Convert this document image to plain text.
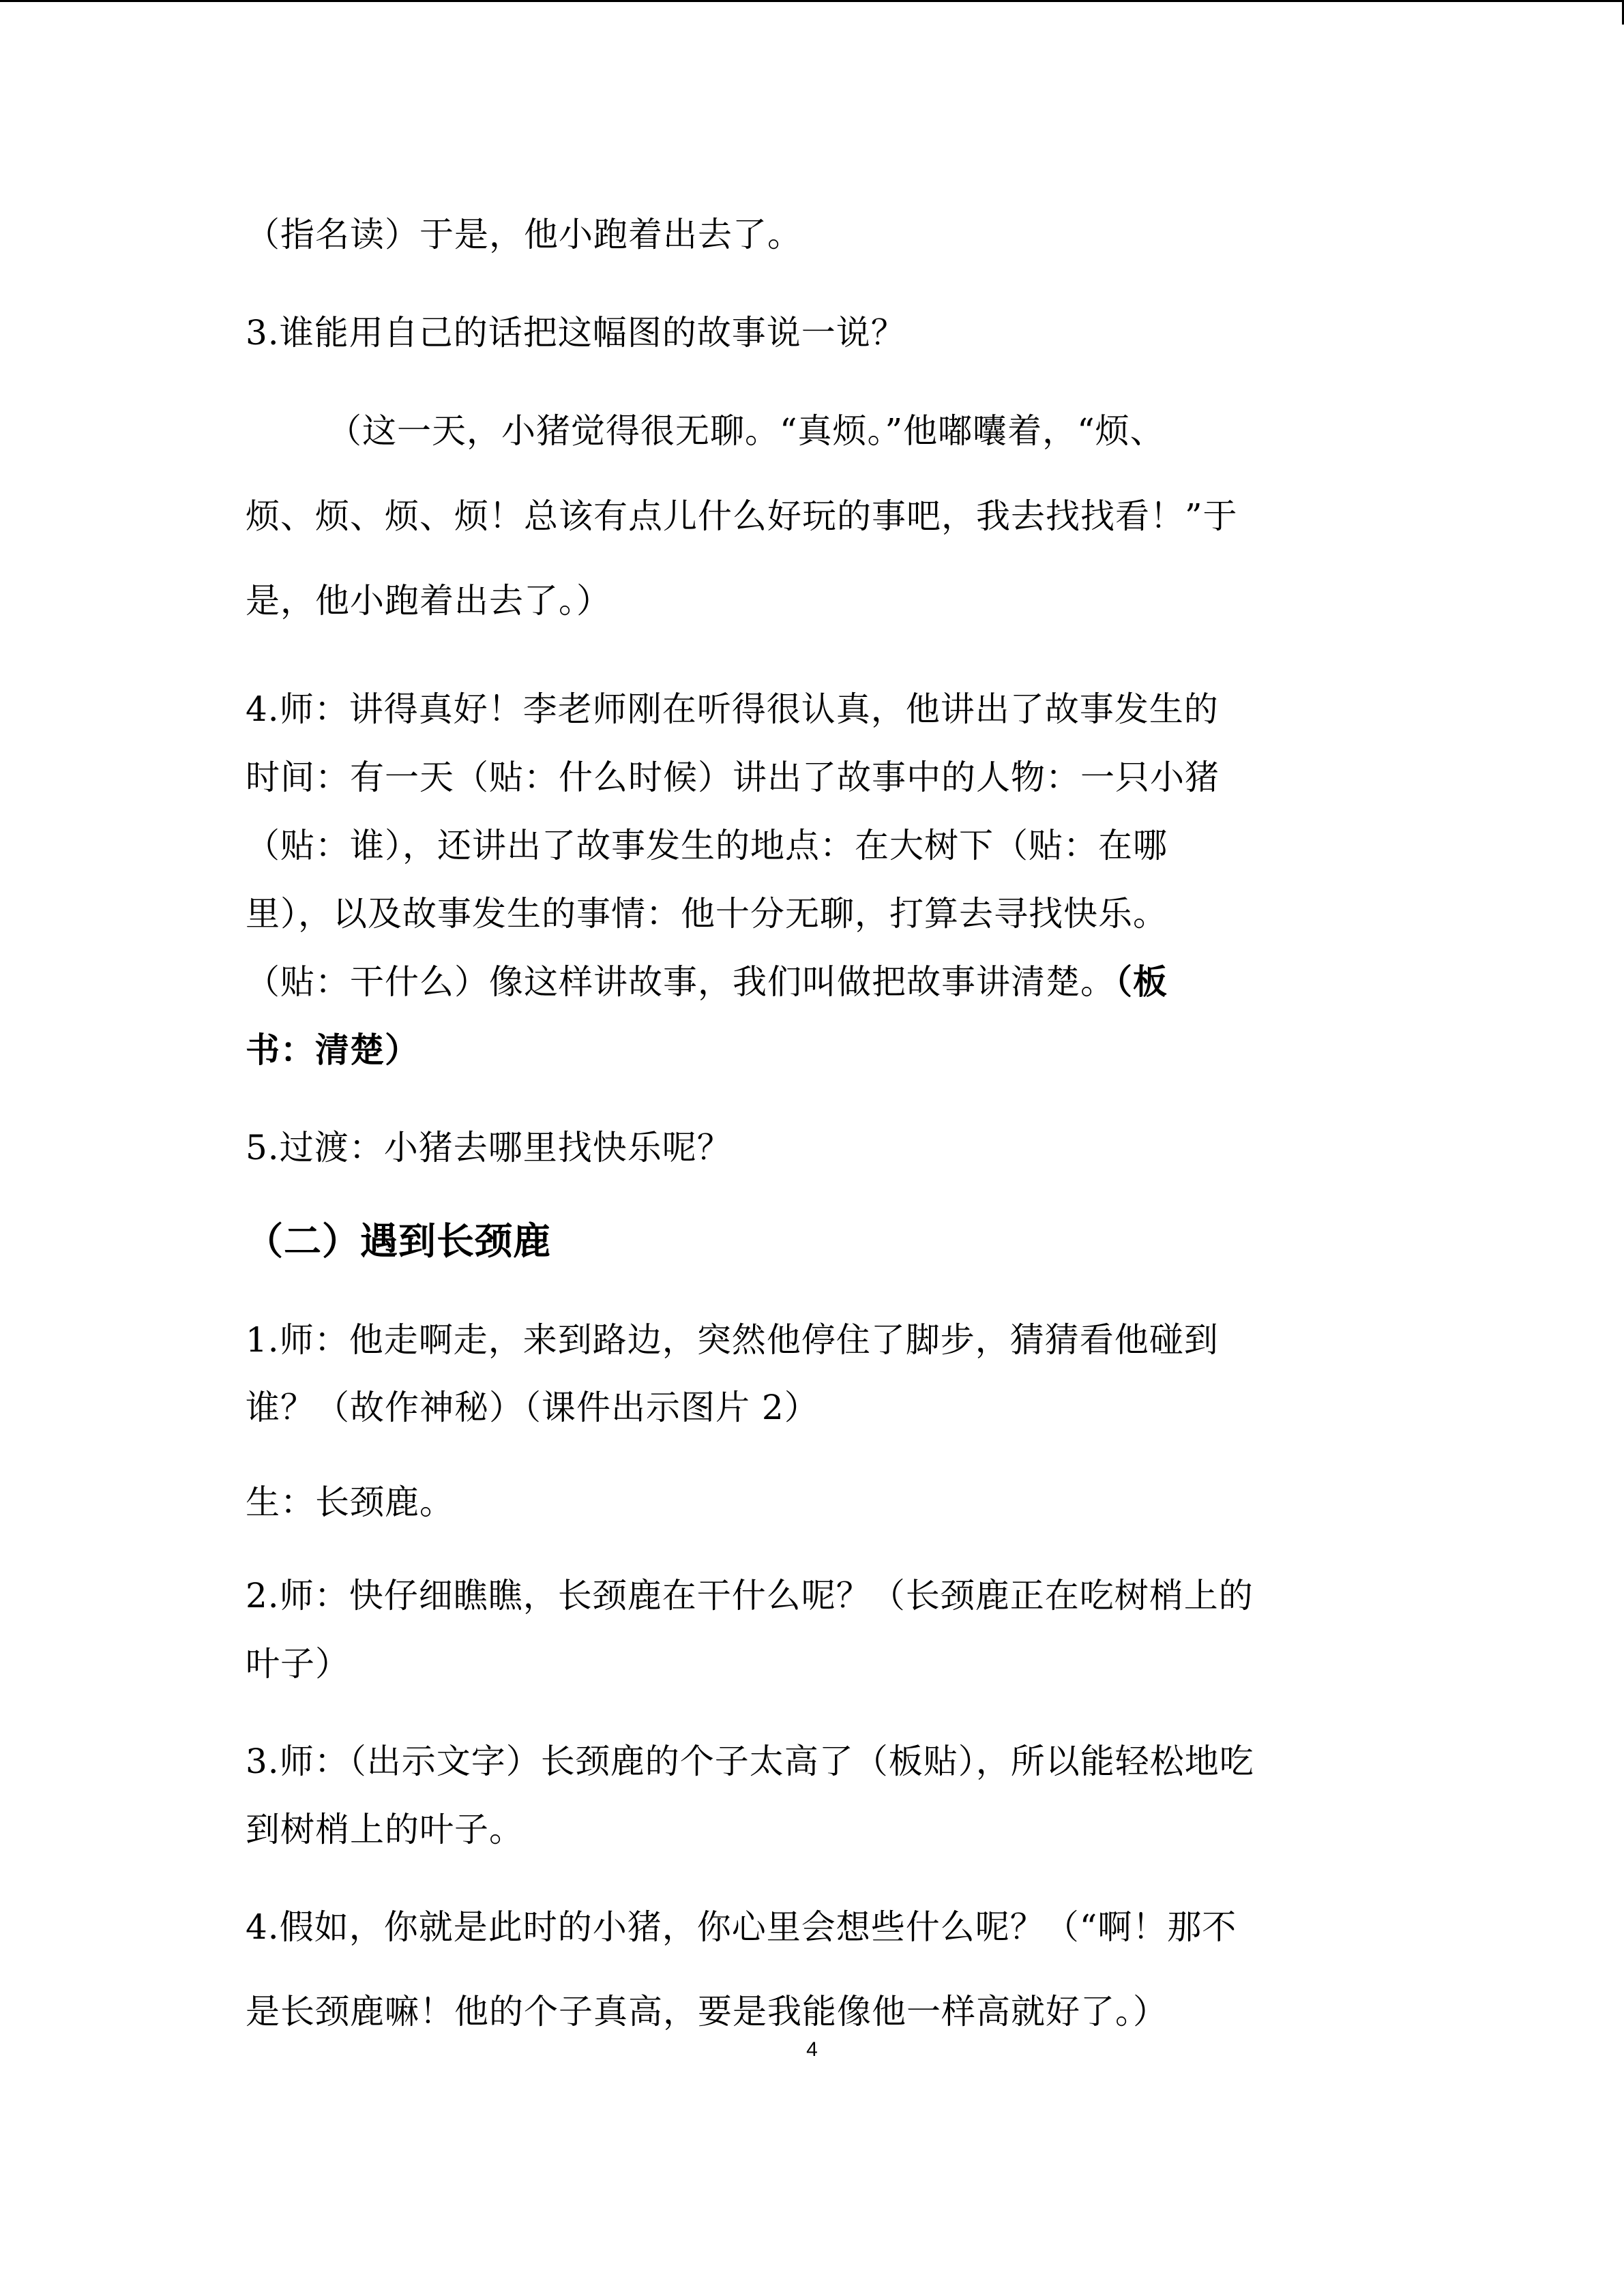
（指名读）于是，他小跑着出去了。
3.谁能用自己的话把这幅图的故事说一说？
（这一天，小猪觉得很无聊。“真烦。”他嘟囔着，“烦、
烦、烦、烦、烦！总该有点儿什么好玩的事吧，我去找找看！”于
是，他小跑着出去了。）
4.师：讲得真好！李老师刚在听得很认真，他讲出了故事发生的
时间：有一天（贴：什么时候）讲出了故事中的人物：一只小猪
（贴：谁），还讲出了故事发生的地点：在大树下（贴：在哪
里），以及故事发生的事情：他十分无聊，打算去寻找快乐。
（贴：干什么）像这样讲故事，我们叫做把故事讲清楚。（板
书：清楚）
5.过渡：小猪去哪里找快乐呢？
（二）遇到长颈鹿
1.师：他走啊走，来到路边，突然他停住了脚步，猜猜看他碰到
谁？（故作神秘）（课件出示图片 2）
生：长颈鹿。
2.师：快仔细瞧瞧，长颈鹿在干什么呢？（长颈鹿正在吃树梢上的
叶子）
3.师：（出示文字）长颈鹿的个子太高了（板贴），所以能轻松地吃
到树梢上的叶子。
4.假如，你就是此时的小猪，你心里会想些什么呢？（“啊！那不
是长颈鹿嘛！他的个子真高，要是我能像他一样高就好了。）
4
